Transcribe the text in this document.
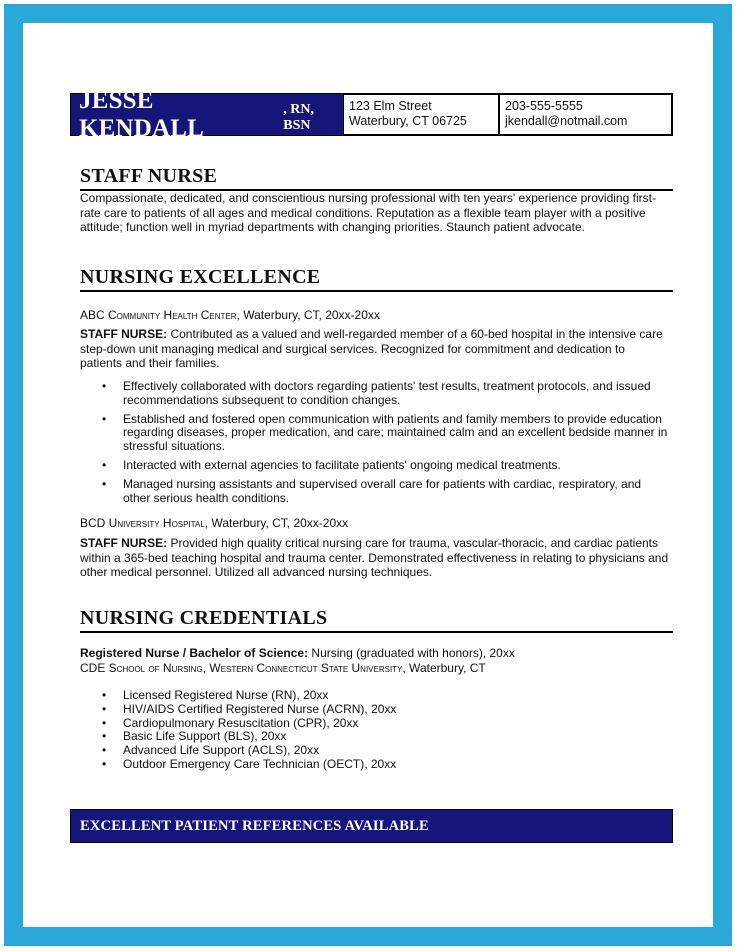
JESSE KENDALL
, RN, BSN
123 Elm Street
Waterbury, CT 06725
203-555-5555
jkendall@notmail.com
STAFF NURSE

Compassionate, dedicated, and conscientious nursing professional with ten years' experience providing first-rate care to patients of all ages and medical conditions. Reputation as a flexible team player with a positive attitude; function well in myriad departments with changing priorities. Staunch patient advocate.

NURSING EXCELLENCE

ABC Community Health Center, Waterbury, CT, 20xx-20xx

STAFF NURSE: Contributed as a valued and well-regarded member of a 60-bed hospital in the intensive care step-down unit managing medical and surgical services. Recognized for commitment and dedication to patients and their families.

• Effectively collaborated with doctors regarding patients' test results, treatment protocols, and issued recommendations subsequent to condition changes.
• Established and fostered open communication with patients and family members to provide education regarding diseases, proper medication, and care; maintained calm and an excellent bedside manner in stressful situations.
• Interacted with external agencies to facilitate patients' ongoing medical treatments.
• Managed nursing assistants and supervised overall care for patients with cardiac, respiratory, and other serious health conditions.

BCD University Hospital, Waterbury, CT, 20xx-20xx

STAFF NURSE: Provided high quality critical nursing care for trauma, vascular-thoracic, and cardiac patients within a 365-bed teaching hospital and trauma center. Demonstrated effectiveness in relating to physicians and other medical personnel. Utilized all advanced nursing techniques.

NURSING CREDENTIALS

Registered Nurse / Bachelor of Science: Nursing (graduated with honors), 20xx

CDE School of Nursing, Western Connecticut State University, Waterbury, CT

• Licensed Registered Nurse (RN), 20xx
• HIV/AIDS Certified Registered Nurse (ACRN), 20xx
• Cardiopulmonary Resuscitation (CPR), 20xx
• Basic Life Support (BLS), 20xx
• Advanced Life Support (ACLS), 20xx
• Outdoor Emergency Care Technician (OECT), 20xx
EXCELLENT PATIENT REFERENCES AVAILABLE
